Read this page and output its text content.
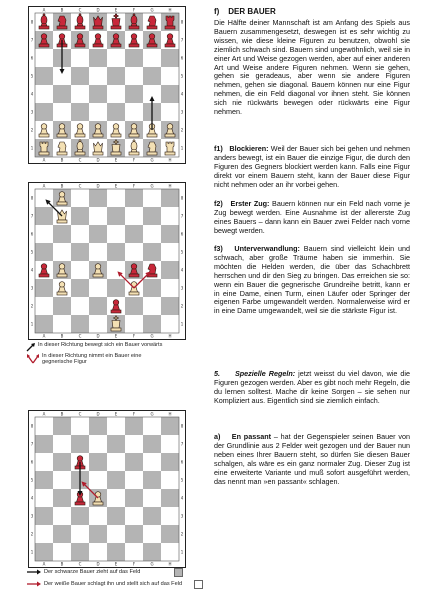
A
A
B
B
C
C
D
D
E
E
F
F
G
G
H
H
8	8
7	7
6	6
5	5
4	4
3	3
2	2
1	1
A
A
B
B
C
C
D
D
E
E
F
F
G
G
H
H
8	8
7	7
6	6
5	5
4	4
3	3
2	2
1	1
In dieser Richtung bewegt sich ein Bauer vorwärts
In dieser Richtung nimmt ein Bauer eine gegnerische Figur
A
A
B
B
C
C
D
D
E
E
F
F
G
G
H
H
8	8
7	7
6	6
5	5
4	4
3	3
2	2
1	1
Der schwarze Bauer zieht auf das Feld
Der weiße Bauer schlagt ihn und stellt sich auf das Feld
f)    DER BAUER
Die Hälfte deiner Mannschaft ist am Anfang des Spiels aus Bauern zusammengesetzt, deswegen ist es sehr wichtig zu wissen, wie diese kleine Figuren zu benutzen, obwohl sie ziemlich schwach sind. Bauern sind ungewöhnlich, weil sie in einer Art und Weise gezogen werden, aber auf einer anderen Art und Weise andere Figuren nehmen. Wenn sie gehen, gehen sie geradeaus, aber wenn sie andere Figuren nehmen, gehen sie diagonal. Bauern können nur eine Figur nehmen, die ein Feld diagonal vor ihnen steht. Sie können sich nie rückwärts bewegen oder rückwärts eine Figur nehmen.
f1)   Blockieren: Weil der Bauer sich bei gehen und nehmen anders bewegt, ist ein Bauer die einzige Figur, die durch den Figuren des Gegners blockiert werden kann. Falls eine Figur direkt vor einem Bauern steht, kann der Bauer diese Figur nicht nehmen oder an ihr vorbei gehen.
f2)   Erster Zug: Bauern können nur ein Feld nach vorne je Zug bewegt werden. Eine Ausnahme ist der allererste Zug eines Bauers – dann kann ein Bauer zwei Felder nach vorne bewegt werden.
f3)   Unterverwandlung: Bauern sind vielleicht klein und schwach, aber große Träume haben sie immerhin. Sie möchten die Helden werden, die über das Schachbrett herrschen und dir den Sieg zu bringen. Das erreichen sie so: wenn ein Bauer die gegnerische Grundreihe betritt, kann er in eine Dame, einen Turm, einen Läufer oder Springer der eigenen Farbe umgewandelt werden. Normalerweise wird er in eine Dame umgewandelt, weil sie die stärkste Figur ist.
5.     Spezielle Regeln: jetzt weisst du viel davon, wie die Figuren gezogen werden. Aber es gibt noch mehr Regeln, die du lernen solltest. Mache dir keine Sorgen – sie sehen nur Kompliziert aus. Eigentlich sind sie ziemlich einfach.
a)    En passant – hat der Gegenspieler seinen Bauer von der Grundlinie aus 2 Felder weit gezogen und der Bauer nun neben eines Ihrer Bauern steht, so dürfen Sie diesen Bauer schalgen, als wäre es ein ganz normaler Zug. Dieser Zug ist eine erweiterte Variante und muß sofort ausgeführt werden, das nennt man »en passant« schlagen.
